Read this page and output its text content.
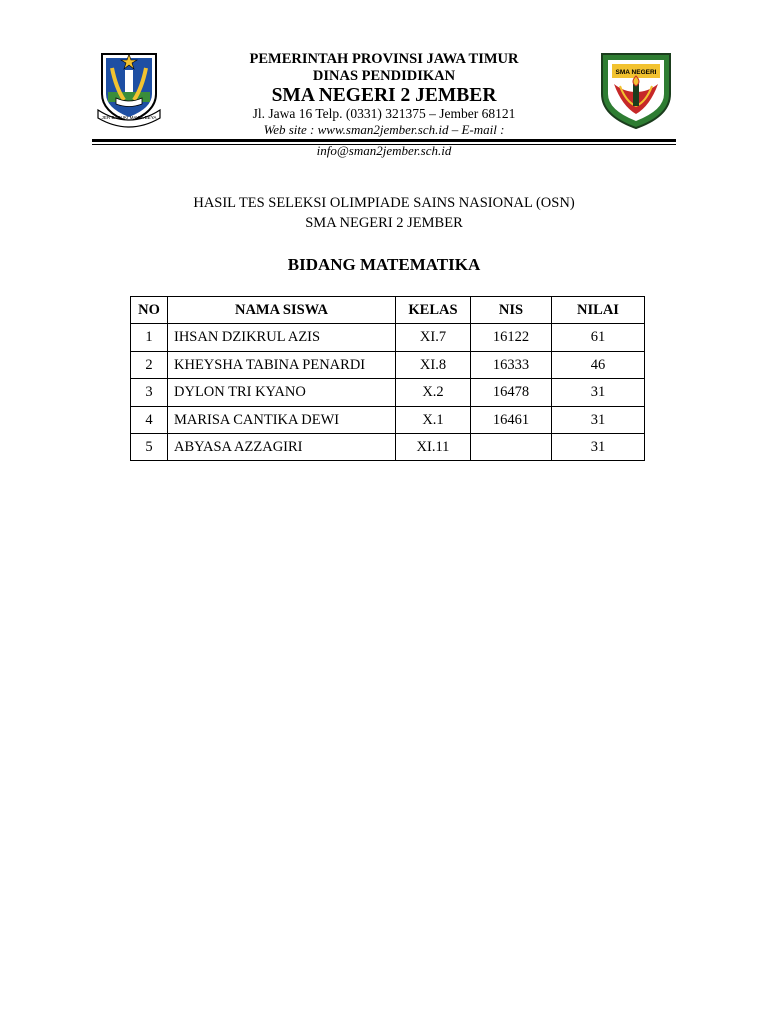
JER BASUKI MAWA BEYA
SMA NEGERI
PEMERINTAH PROVINSI JAWA TIMUR
DINAS PENDIDIKAN
SMA NEGERI 2 JEMBER
Jl. Jawa 16 Telp. (0331) 321375 – Jember 68121
Web site : www.sman2jember.sch.id – E-mail :
info@sman2jember.sch.id
HASIL TES SELEKSI OLIMPIADE SAINS NASIONAL (OSN)
SMA NEGERI 2 JEMBER
BIDANG MATEMATIKA
NO	NAMA SISWA	KELAS	NIS	NILAI
1	IHSAN DZIKRUL AZIS	XI.7	16122	61
2	KHEYSHA TABINA PENARDI	XI.8	16333	46
3	DYLON TRI KYANO	X.2	16478	31
4	MARISA CANTIKA DEWI	X.1	16461	31
5	ABYASA AZZAGIRI	XI.11		31
